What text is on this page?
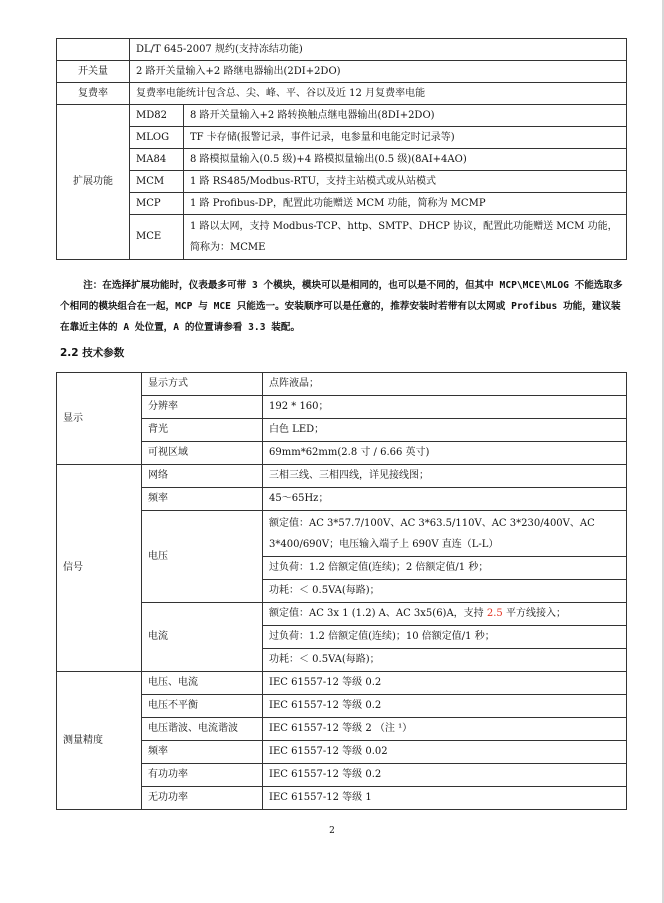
	DL/T 645-2007 规约(支持冻结功能)	
开关量	2 路开关量输入+2 路继电器输出(2DI+2DO)	
复费率	复费率电能统计包含总、尖、峰、平、谷以及近 12 月复费率电能	
扩展功能	MD82	8 路开关量输入+2 路转换触点继电器输出(8DI+2DO)
	MLOG	TF 卡存储(报警记录，事件记录，电参量和电能定时记录等)
	MA84	8 路模拟量输入(0.5 级)+4 路模拟量输出(0.5 级)(8AI+4AO)
	MCM	1 路 RS485/Modbus-RTU，支持主站模式或从站模式
	MCP	1 路 Profibus-DP，配置此功能赠送 MCM 功能，简称为 MCMP
	MCE	1 路以太网，支持 Modbus-TCP、http、SMTP、DHCP 协议，配置此功能赠送 MCM 功能，简称为：MCME
注：在选择扩展功能时，仪表最多可带 3 个模块，模块可以是相同的，也可以是不同的，但其中 MCP\MCE\MLOG 不能选取多个相同的模块组合在一起，MCP 与 MCE 只能选一。安装顺序可以是任意的，推荐安装时若带有以太网或 Profibus 功能，建议装在靠近主体的 A 处位置，A 的位置请参看 3.3 装配。
2.2 技术参数
显示	显示方式	点阵液晶；
	分辨率	192 * 160；
	背光	白色 LED；
	可视区域	69mm*62mm(2.8 寸 / 6.66 英寸)
信号	网络	三相三线、三相四线，详见接线图；
	频率	45～65Hz；
	电压	额定值：AC 3*57.7/100V、AC 3*63.5/110V、AC 3*230/400V、AC 3*400/690V；电压输入端子上 690V 直连（L-L）
		过负荷：1.2 倍额定值(连续)；2 倍额定值/1 秒；
		功耗：＜ 0.5VA(每路)；
	电流	额定值：AC 3x 1 (1.2) A、AC 3x5(6)A，支持 2.5 平方线接入；
		过负荷：1.2 倍额定值(连续)；10 倍额定值/1 秒；
		功耗：＜ 0.5VA(每路)；
测量精度	电压、电流	IEC 61557-12 等级 0.2
	电压不平衡	IEC 61557-12 等级 0.2
	电压谐波、电流谐波	IEC 61557-12 等级 2 （注 ¹）
	频率	IEC 61557-12 等级 0.02
	有功功率	IEC 61557-12 等级 0.2
	无功功率	IEC 61557-12 等级 1
2
